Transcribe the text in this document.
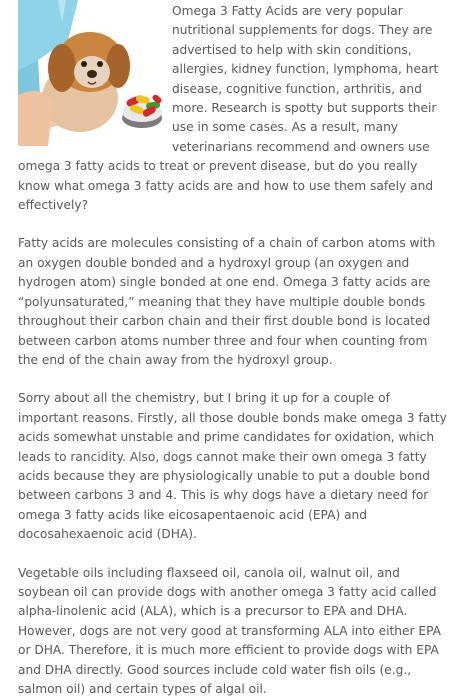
Omega 3 Fatty Acids are very popular nutritional supplements for dogs. They are advertised to help with skin conditions, allergies, kidney function, lymphoma, heart disease, cognitive function, arthritis, and more. Research is spotty but supports their use in some cases. As a result, many veterinarians recommend and owners use omega 3 fatty acids to treat or prevent disease, but do you really know what omega 3 fatty acids are and how to use them safely and effectively?

Fatty acids are molecules consisting of a chain of carbon atoms with an oxygen double bonded and a hydroxyl group (an oxygen and hydrogen atom) single bonded at one end. Omega 3 fatty acids are “polyunsaturated,” meaning that they have multiple double bonds throughout their carbon chain and their first double bond is located between carbon atoms number three and four when counting from the end of the chain away from the hydroxyl group.

Sorry about all the chemistry, but I bring it up for a couple of important reasons. Firstly, all those double bonds make omega 3 fatty acids somewhat unstable and prime candidates for oxidation, which leads to rancidity. Also, dogs cannot make their own omega 3 fatty acids because they are physiologically unable to put a double bond between carbons 3 and 4. This is why dogs have a dietary need for omega 3 fatty acids like eicosapentaenoic acid (EPA) and docosahexaenoic acid (DHA).

Vegetable oils including flaxseed oil, canola oil, walnut oil, and soybean oil can provide dogs with another omega 3 fatty acid called alpha-linolenic acid (ALA), which is a precursor to EPA and DHA. However, dogs are not very good at transforming ALA into either EPA or DHA. Therefore, it is much more efficient to provide dogs with EPA and DHA directly. Good sources include cold water fish oils (e.g., salmon oil) and certain types of algal oil.
